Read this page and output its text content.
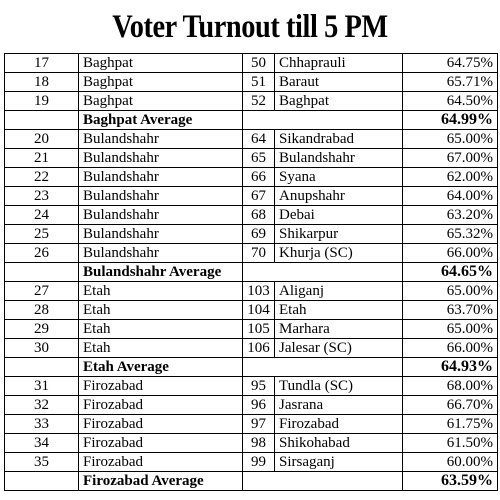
Voter Turnout till 5 PM
17	Baghpat	50	Chhaprauli	64.75%
18	Baghpat	51	Baraut	65.71%
19	Baghpat	52	Baghpat	64.50%
	Baghpat Average			64.99%
20	Bulandshahr	64	Sikandrabad	65.00%
21	Bulandshahr	65	Bulandshahr	67.00%
22	Bulandshahr	66	Syana	62.00%
23	Bulandshahr	67	Anupshahr	64.00%
24	Bulandshahr	68	Debai	63.20%
25	Bulandshahr	69	Shikarpur	65.32%
26	Bulandshahr	70	Khurja (SC)	66.00%
	Bulandshahr Average			64.65%
27	Etah	103	Aliganj	65.00%
28	Etah	104	Etah	63.70%
29	Etah	105	Marhara	65.00%
30	Etah	106	Jalesar (SC)	66.00%
	Etah Average			64.93%
31	Firozabad	95	Tundla (SC)	68.00%
32	Firozabad	96	Jasrana	66.70%
33	Firozabad	97	Firozabad	61.75%
34	Firozabad	98	Shikohabad	61.50%
35	Firozabad	99	Sirsaganj	60.00%
	Firozabad Average			63.59%
